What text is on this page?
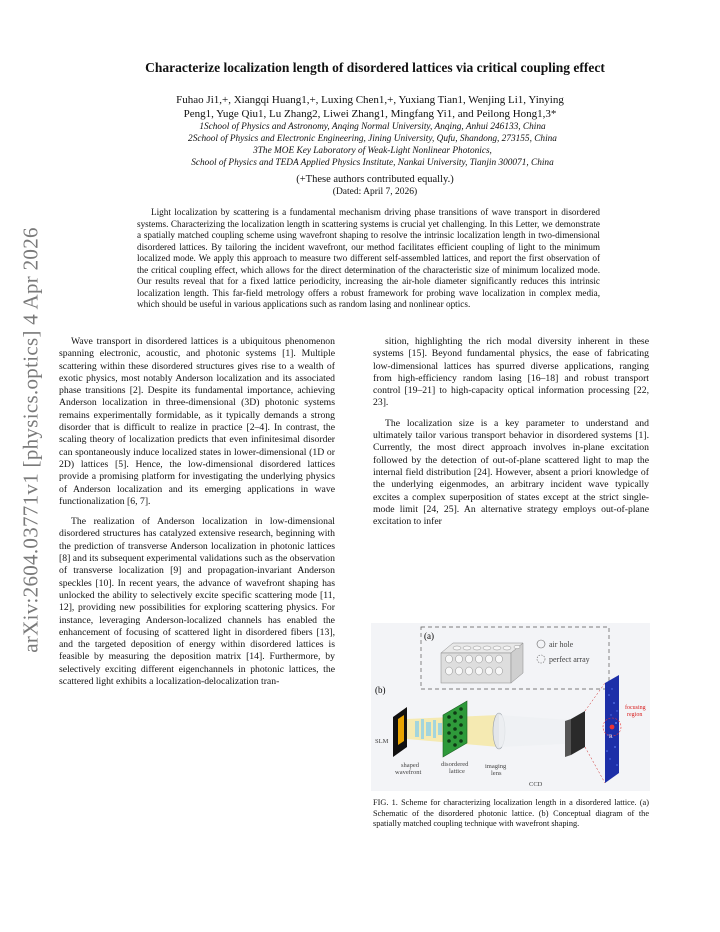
arXiv:2604.03771v1 [physics.optics] 4 Apr 2026
Characterize localization length of disordered lattices via critical coupling effect
Fuhao Ji1,+, Xiangqi Huang1,+, Luxing Chen1,+, Yuxiang Tian1, Wenjing Li1, Yinying
Peng1, Yuge Qiu1, Lu Zhang2, Liwei Zhang1, Mingfang Yi1, and Peilong Hong1,3*
1School of Physics and Astronomy, Anqing Normal University, Anqing, Anhui 246133, China
2School of Physics and Electronic Engineering, Jining University, Qufu, Shandong, 273155, China
3The MOE Key Laboratory of Weak-Light Nonlinear Photonics,
School of Physics and TEDA Applied Physics Institute, Nankai University, Tianjin 300071, China
(+These authors contributed equally.)
(Dated: April 7, 2026)
Light localization by scattering is a fundamental mechanism driving phase transitions of wave transport in disordered systems. Characterizing the localization length in scattering systems is crucial yet challenging. In this Letter, we demonstrate a spatially matched coupling scheme using wavefront shaping to resolve the intrinsic localization length in two-dimensional disordered lattices. By tailoring the incident wavefront, our method facilitates efficient coupling of light to the minimum localized mode. We apply this approach to measure two different self-assembled lattices, and report the first observation of the critical coupling effect, which allows for the direct determination of the characteristic size of minimum localized mode. Our results reveal that for a fixed lattice periodicity, increasing the air-hole diameter significantly reduces this intrinsic localization length. This far-field metrology offers a robust framework for probing wave localization in complex media, which should be useful in various applications such as random lasing and nonlinear optics.

Wave transport in disordered lattices is a ubiquitous phenomenon spanning electronic, acoustic, and photonic systems [1]. Multiple scattering within these disordered structures gives rise to a wealth of exotic physics, most notably Anderson localization and its associated phase transitions [2]. Despite its fundamental importance, achieving Anderson localization in three-dimensional (3D) photonic systems remains experimentally formidable, as it typically demands a strong disorder that is difficult to realize in practice [2–4]. In contrast, the scaling theory of localization predicts that even infinitesimal disorder can spontaneously induce localized states in lower-dimensional (1D or 2D) lattices [5]. Hence, the low-dimensional disordered lattices provide a promising platform for investigating the underlying physics of Anderson localization and its emerging applications in wave functionalization [6, 7].

The realization of Anderson localization in low-dimensional disordered structures has catalyzed extensive research, beginning with the prediction of transverse Anderson localization in photonic lattices [8] and its subsequent experimental validations such as the observation of transverse localization [9] and propagation-invariant Anderson speckles [10]. In recent years, the advance of wavefront shaping has unlocked the ability to selectively excite specific scattering mode [11, 12], providing new possibilities for exploring scattering physics. For instance, leveraging Anderson-localized channels has enabled the enhancement of focusing of scattered light in disordered fibers [13], and the targeted deposition of energy within disordered lattices is feasible by measuring the deposition matrix [14]. Furthermore, by selectively exciting different eigenchannels in photonic lattices, the scattered light exhibits a localization-delocalization tran-

sition, highlighting the rich modal diversity inherent in these systems [15]. Beyond fundamental physics, the ease of fabricating low-dimensional lattices has spurred diverse applications, ranging from high-efficiency random lasing [16–18] and robust transport control [19–21] to high-capacity optical information processing [22, 23].

The localization size is a key parameter to understand and ultimately tailor various transport behavior in disordered systems [1]. Currently, the most direct approach involves in-plane excitation followed by the detection of out-of-plane scattered light to map the internal field distribution [24]. However, absent a priori knowledge of the underlying eigenmodes, an arbitrary incident wave typically excites a complex superposition of states except at the strict single-mode limit [24, 25]. An alternative strategy employs out-of-plane excitation to infer

(a)
air hole
perfect array
(b)
SLM
shaped wavefront
disordered lattice
imaging lens
CCD
R
focusing region
FIG. 1. Scheme for characterizing localization length in a disordered lattice. (a) Schematic of the disordered photonic lattice. (b) Conceptual diagram of the spatially matched coupling technique with wavefront shaping.
